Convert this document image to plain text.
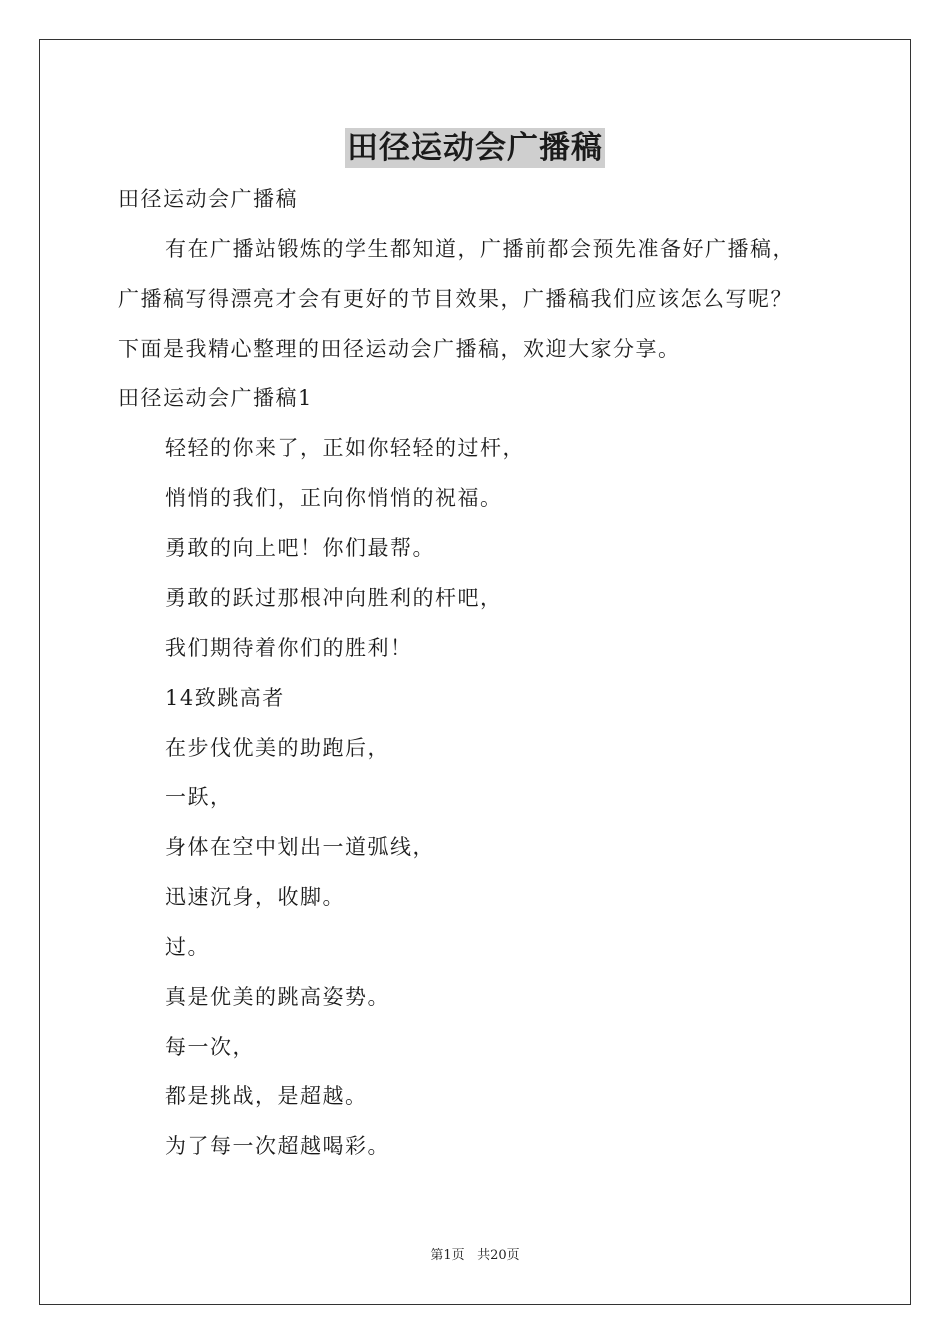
田径运动会广播稿
田径运动会广播稿
有在广播站锻炼的学生都知道，广播前都会预先准备好广播稿，
广播稿写得漂亮才会有更好的节目效果，广播稿我们应该怎么写呢？
下面是我精心整理的田径运动会广播稿，欢迎大家分享。
田径运动会广播稿1
轻轻的你来了，正如你轻轻的过杆，
悄悄的我们，正向你悄悄的祝福。
勇敢的向上吧！你们最帮。
勇敢的跃过那根冲向胜利的杆吧，
我们期待着你们的胜利！
14致跳高者
在步伐优美的助跑后，
一跃，
身体在空中划出一道弧线，
迅速沉身，收脚。
过。
真是优美的跳高姿势。
每一次，
都是挑战，是超越。
为了每一次超越喝彩。
第1页 共20页
